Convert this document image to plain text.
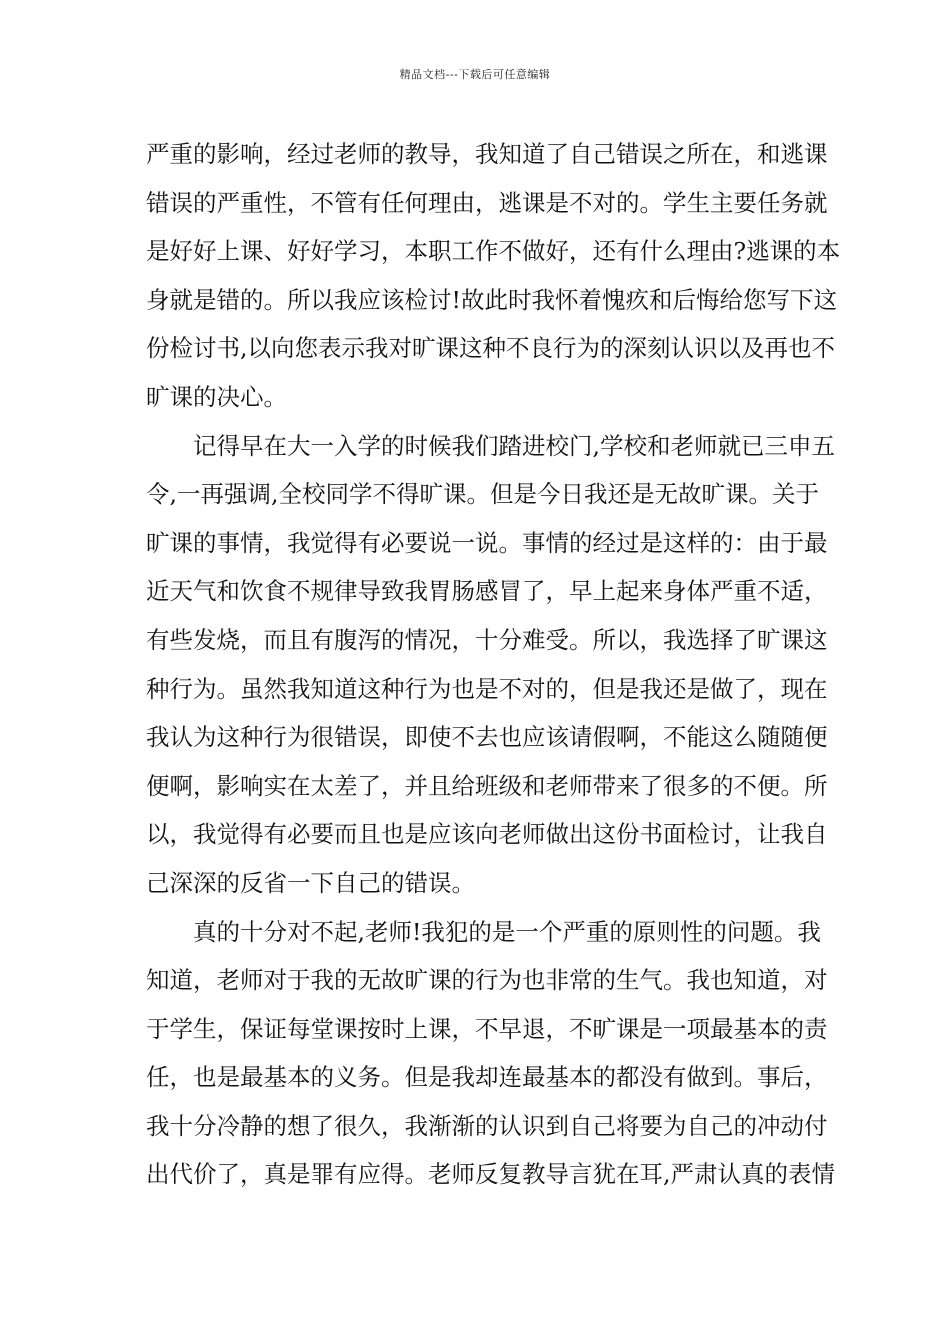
精品文档---下载后可任意编辑
严重的影响，经过老师的教导，我知道了自己错误之所在，和逃课
错误的严重性，不管有任何理由，逃课是不对的。学生主要任务就
是好好上课、好好学习，本职工作不做好，还有什么理由?逃课的本
身就是错的。所以我应该检讨!故此时我怀着愧疚和后悔给您写下这
份检讨书,以向您表示我对旷课这种不良行为的深刻认识以及再也不
旷课的决心。
记得早在大一入学的时候我们踏进校门,学校和老师就已三申五
令,一再强调,全校同学不得旷课。但是今日我还是无故旷课。关于
旷课的事情，我觉得有必要说一说。事情的经过是这样的：由于最
近天气和饮食不规律导致我胃肠感冒了，早上起来身体严重不适，
有些发烧，而且有腹泻的情况，十分难受。所以，我选择了旷课这
种行为。虽然我知道这种行为也是不对的，但是我还是做了，现在
我认为这种行为很错误，即使不去也应该请假啊，不能这么随随便
便啊，影响实在太差了，并且给班级和老师带来了很多的不便。所
以，我觉得有必要而且也是应该向老师做出这份书面检讨，让我自
己深深的反省一下自己的错误。
真的十分对不起,老师!我犯的是一个严重的原则性的问题。我
知道，老师对于我的无故旷课的行为也非常的生气。我也知道，对
于学生，保证每堂课按时上课，不早退，不旷课是一项最基本的责
任，也是最基本的义务。但是我却连最基本的都没有做到。事后，
我十分冷静的想了很久，我渐渐的认识到自己将要为自己的冲动付
出代价了，真是罪有应得。老师反复教导言犹在耳,严肃认真的表情
